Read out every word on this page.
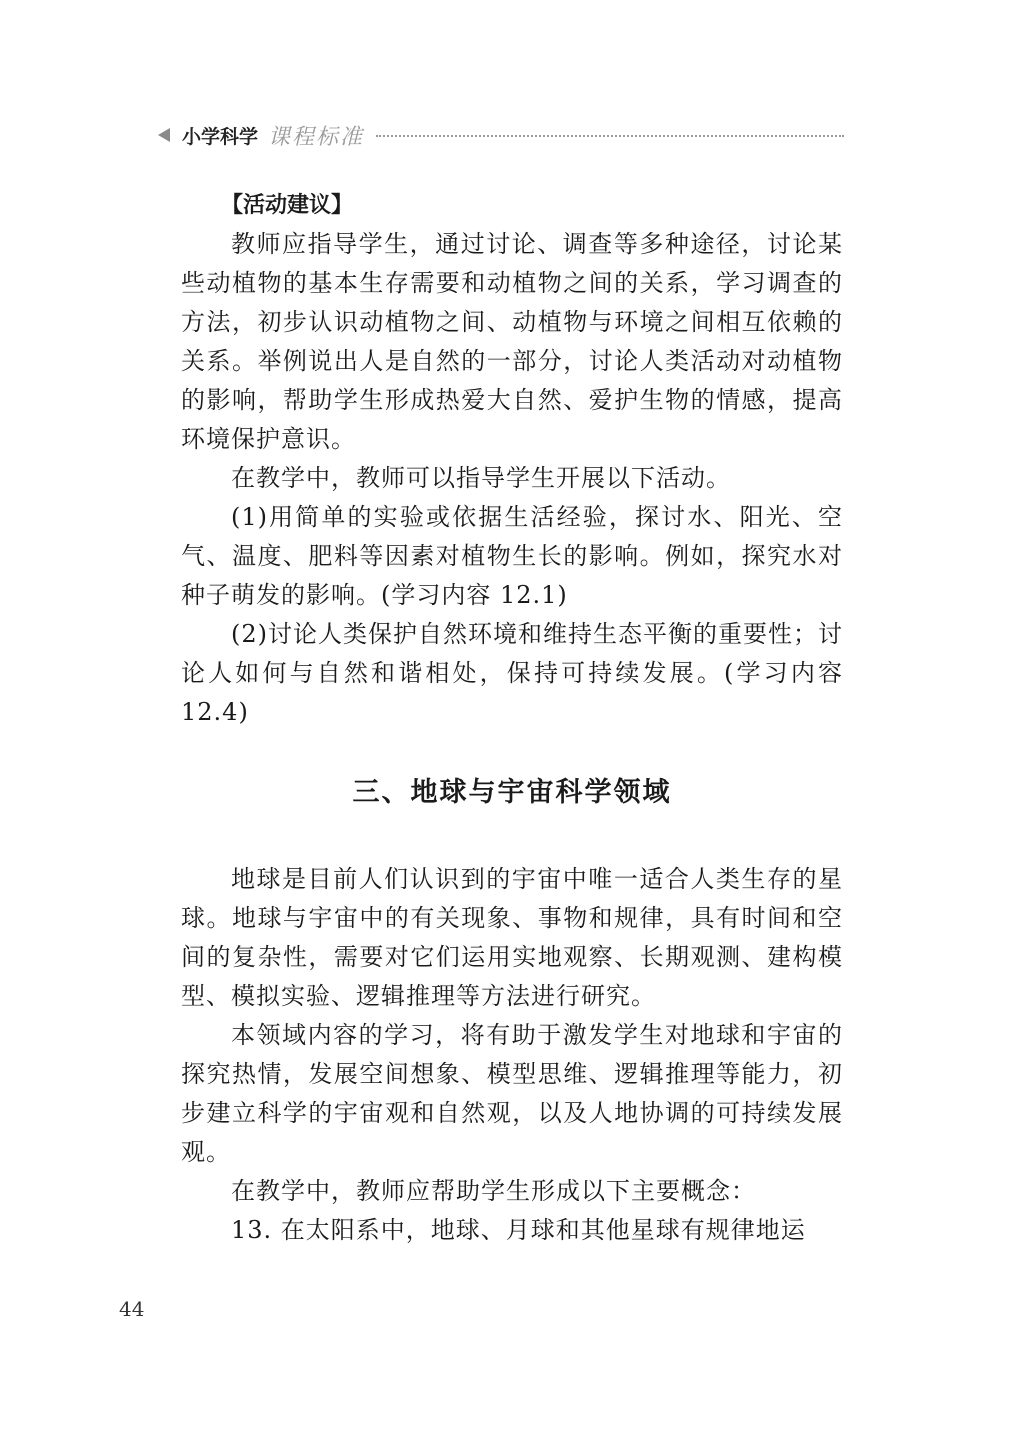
小学科学 课程标准
【活动建议】

教师应指导学生，通过讨论、调查等多种途径，讨论某些动植物的基本生存需要和动植物之间的关系，学习调查的方法，初步认识动植物之间、动植物与环境之间相互依赖的关系。举例说出人是自然的一部分，讨论人类活动对动植物的影响，帮助学生形成热爱大自然、爱护生物的情感，提高环境保护意识。

在教学中，教师可以指导学生开展以下活动。

(1)用简单的实验或依据生活经验，探讨水、阳光、空气、温度、肥料等因素对植物生长的影响。例如，探究水对种子萌发的影响。(学习内容 12.1)

(2)讨论人类保护自然环境和维持生态平衡的重要性；讨论人如何与自然和谐相处，保持可持续发展。(学习内容 12.4)

三、地球与宇宙科学领域

地球是目前人们认识到的宇宙中唯一适合人类生存的星球。地球与宇宙中的有关现象、事物和规律，具有时间和空间的复杂性，需要对它们运用实地观察、长期观测、建构模型、模拟实验、逻辑推理等方法进行研究。

本领域内容的学习，将有助于激发学生对地球和宇宙的探究热情，发展空间想象、模型思维、逻辑推理等能力，初步建立科学的宇宙观和自然观，以及人地协调的可持续发展观。

在教学中，教师应帮助学生形成以下主要概念：

13. 在太阳系中，地球、月球和其他星球有规律地运

44
